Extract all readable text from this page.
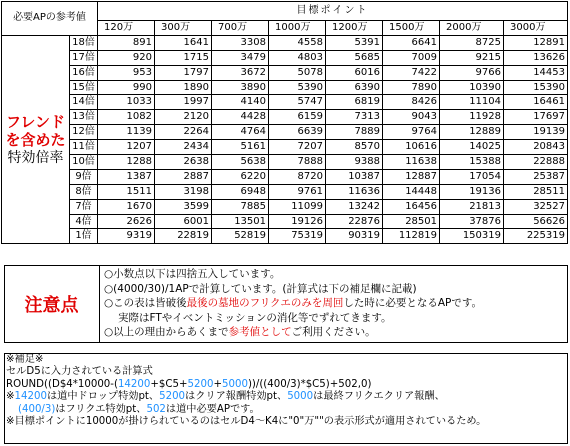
必要APの参考値		目標ポイント							
		120万	300万	700万	1000万	1200万	1500万	2000万	3000万

フレンドを含めた
特効倍率	18倍	891	1641	3308	4558	5391	6641	8725	12891
	17倍	920	1715	3479	4803	5685	7009	9215	13626
	16倍	953	1797	3672	5078	6016	7422	9766	14453
	15倍	990	1890	3890	5390	6390	7890	10390	15390
	14倍	1033	1997	4140	5747	6819	8426	11104	16461
	13倍	1082	2120	4428	6159	7313	9043	11928	17697
	12倍	1139	2264	4764	6639	7889	9764	12889	19139
	11倍	1207	2434	5161	7207	8570	10616	14025	20843
	10倍	1288	2638	5638	7888	9388	11638	15388	22888
	9倍	1387	2887	6220	8720	10387	12887	17054	25387
	8倍	1511	3198	6948	9761	11636	14448	19136	28511
	7倍	1670	3599	7885	11099	13242	16456	21813	32527
	4倍	2626	6001	13501	19126	22876	28501	37876	56626
	1倍	9319	22819	52819	75319	90319	112819	150319	225319
注意点
○小数点以下は四捨五入しています。
○(4000/30)/1APで計算しています。(計算式は下の補足欄に記載)
○この表は皆破後最後の墓地のフリクエのみを周回した時に必要となるAPです。
実際はFTやイベントミッションの消化等でずれてきます。
○以上の理由からあくまで参考値としてご利用ください。
※補足※
セルD5に入力されている計算式
ROUND((D$4*10000-(14200+$C5+5200+5000))/((400/3)*$C5)+502,0)
※14200は道中ドロップ特効pt、5200はクリア報酬特効pt、5000は最終フリクエクリア報酬、
(400/3)はフリクエ特効pt、502は道中必要APです。
※目標ポイントに10000が掛けられているのはセルD4～K4に"0"万""の表示形式が適用されているため。
